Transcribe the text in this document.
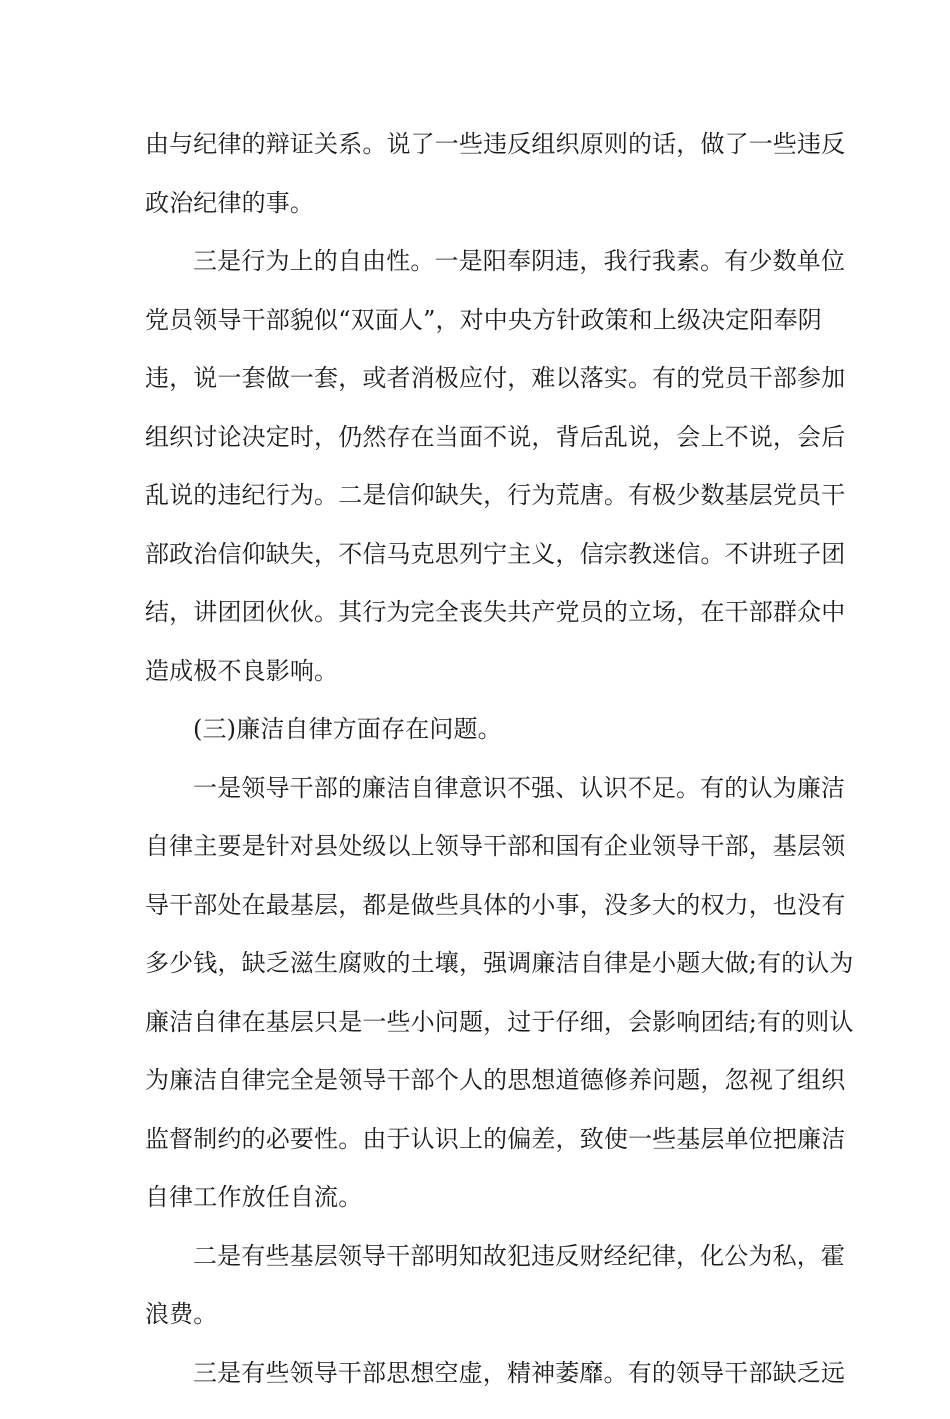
由与纪律的辩证关系。说了一些违反组织原则的话，做了一些违反
政治纪律的事。
三是行为上的自由性。一是阳奉阴违，我行我素。有少数单位
党员领导干部貌似“双面人”，对中央方针政策和上级决定阳奉阴
违，说一套做一套，或者消极应付，难以落实。有的党员干部参加
组织讨论决定时，仍然存在当面不说，背后乱说，会上不说，会后
乱说的违纪行为。二是信仰缺失，行为荒唐。有极少数基层党员干
部政治信仰缺失，不信马克思列宁主义，信宗教迷信。不讲班子团
结，讲团团伙伙。其行为完全丧失共产党员的立场，在干部群众中
造成极不良影响。
(三)廉洁自律方面存在问题。
一是领导干部的廉洁自律意识不强、认识不足。有的认为廉洁
自律主要是针对县处级以上领导干部和国有企业领导干部，基层领
导干部处在最基层，都是做些具体的小事，没多大的权力，也没有
多少钱，缺乏滋生腐败的土壤，强调廉洁自律是小题大做;有的认为
廉洁自律在基层只是一些小问题，过于仔细，会影响团结;有的则认
为廉洁自律完全是领导干部个人的思想道德修养问题，忽视了组织
监督制约的必要性。由于认识上的偏差，致使一些基层单位把廉洁
自律工作放任自流。
二是有些基层领导干部明知故犯违反财经纪律，化公为私，霍
浪费。
三是有些领导干部思想空虚，精神萎靡。有的领导干部缺乏远
